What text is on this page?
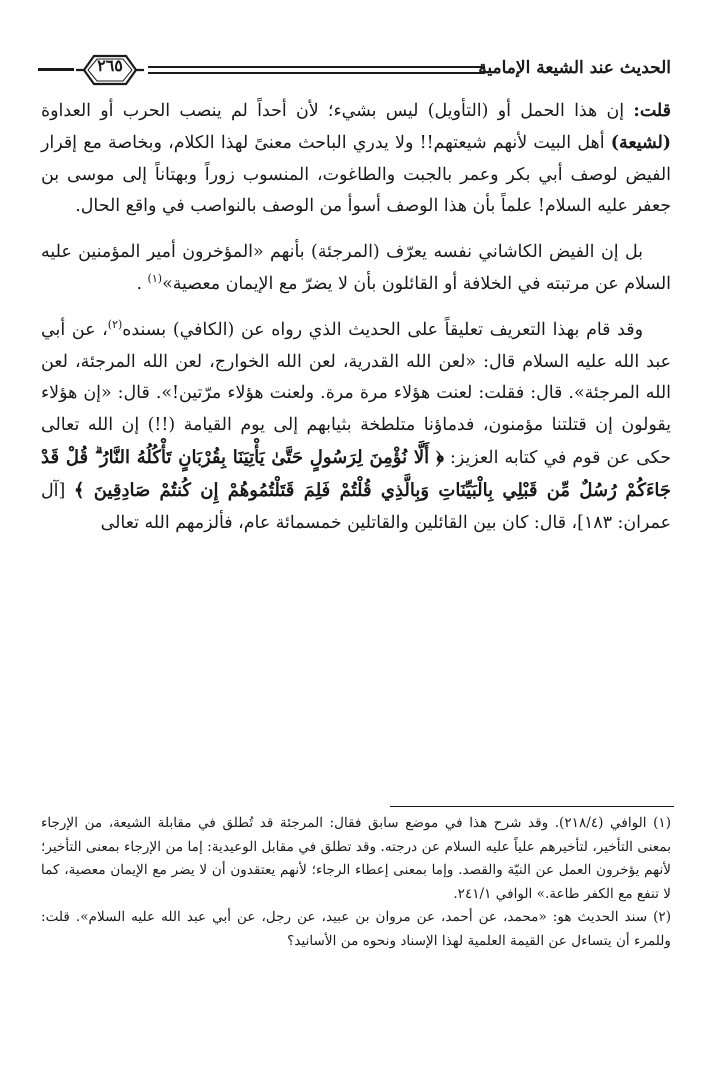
الحديث عند الشيعة الإمامية
٢٦٥

قلت: إن هذا الحمل أو (التأويل) ليس بشيء؛ لأن أحداً لم ينصب الحرب أو العداوة (لشيعة) أهل البيت لأنهم شيعتهم!! ولا يدري الباحث معنىً لهذا الكلام، وبخاصة مع إقرار الفيض لوصف أبي بكر وعمر بالجبت والطاغوت، المنسوب زوراً وبهتاناً إلى موسى بن جعفر عليه السلام! علماً بأن هذا الوصف أسوأ من الوصف بالنواصب في واقع الحال.

بل إن الفيض الكاشاني نفسه يعرّف (المرجئة) بأنهم «المؤخرون أمير المؤمنين عليه السلام عن مرتبته في الخلافة أو القائلون بأن لا يضرّ مع الإيمان معصية»$^{(١)}$ .

وقد قام بهذا التعريف تعليقاً على الحديث الذي رواه عن (الكافي) بسنده$^{(٢)}$، عن أبي عبد الله عليه السلام قال: «لعن الله القدرية، لعن الله الخوارج، لعن الله المرجئة، لعن الله المرجئة». قال: فقلت: لعنت هؤلاء مرة مرة. ولعنت هؤلاء مرّتين!». قال: «إن هؤلاء يقولون إن قتلتنا مؤمنون، فدماؤنا متلطخة بثيابهم إلى يوم القيامة (!!) إن الله تعالى حكى عن قوم في كتابه العزيز: ﴿ أَلَّا نُؤْمِنَ لِرَسُولٍ حَتَّىٰ يَأْتِيَنَا بِقُرْبَانٍ تَأْكُلُهُ النَّارُ ۗ قُلْ قَدْ جَاءَكُمْ رُسُلٌ مِّن قَبْلِي بِالْبَيِّنَاتِ وَبِالَّذِي قُلْتُمْ فَلِمَ قَتَلْتُمُوهُمْ إِن كُنتُمْ صَادِقِينَ ﴾ [آل عمران: ١٨٣]، قال: كان بين القائلين والقاتلين خمسمائة عام، فألزمهم الله تعالى

(١) الوافي (٢١٨/٤). وقد شرح هذا في موضع سابق فقال: المرجئة قد تُطلق في مقابلة الشيعة، من الإرجاء بمعنى التأخير، لتأخيرهم علياً عليه السلام عن درجته. وقد تطلق في مقابل الوعيدية: إما من الإرجاء بمعنى التأخير؛ لأنهم يؤخرون العمل عن النيّة والقصد. وإما بمعنى إعطاء الرجاء؛ لأنهم يعتقدون أن لا يضر مع الإيمان معصية، كما لا تنفع مع الكفر طاعة.» الوافي ٢٤١/١.

(٢) سند الحديث هو: «محمد، عن أحمد، عن مروان بن عبيد، عن رجل، عن أبي عبد الله عليه السلام». قلت: وللمرء أن يتساءل عن القيمة العلمية لهذا الإسناد ونحوه من الأسانيد؟
